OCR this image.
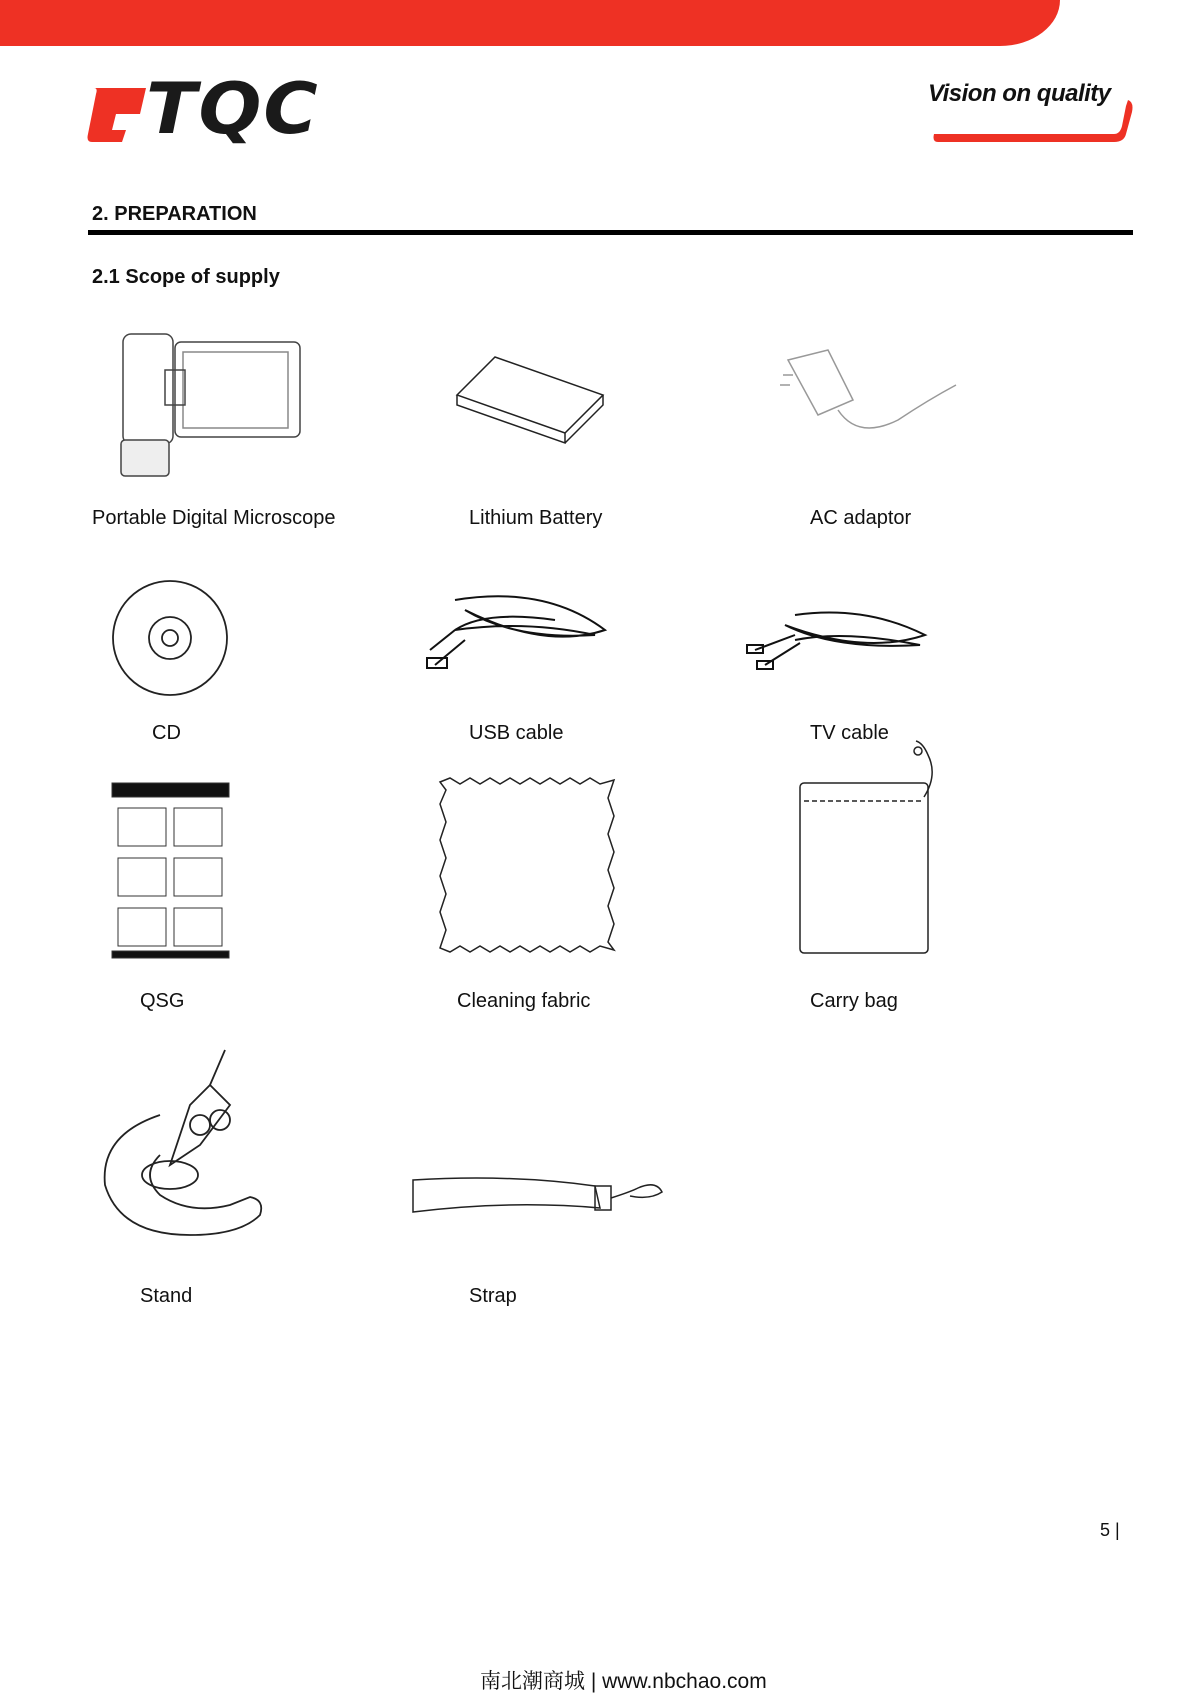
TQC	Vision on quality
2. PREPARATION
2.1 Scope of supply
Portable Digital Microscope	Lithium Battery	AC adaptor
CD	USB cable	TV cable
QSG	Cleaning fabric	Carry bag
Stand	Strap
5 |
南北潮商城 | www.nbchao.com
